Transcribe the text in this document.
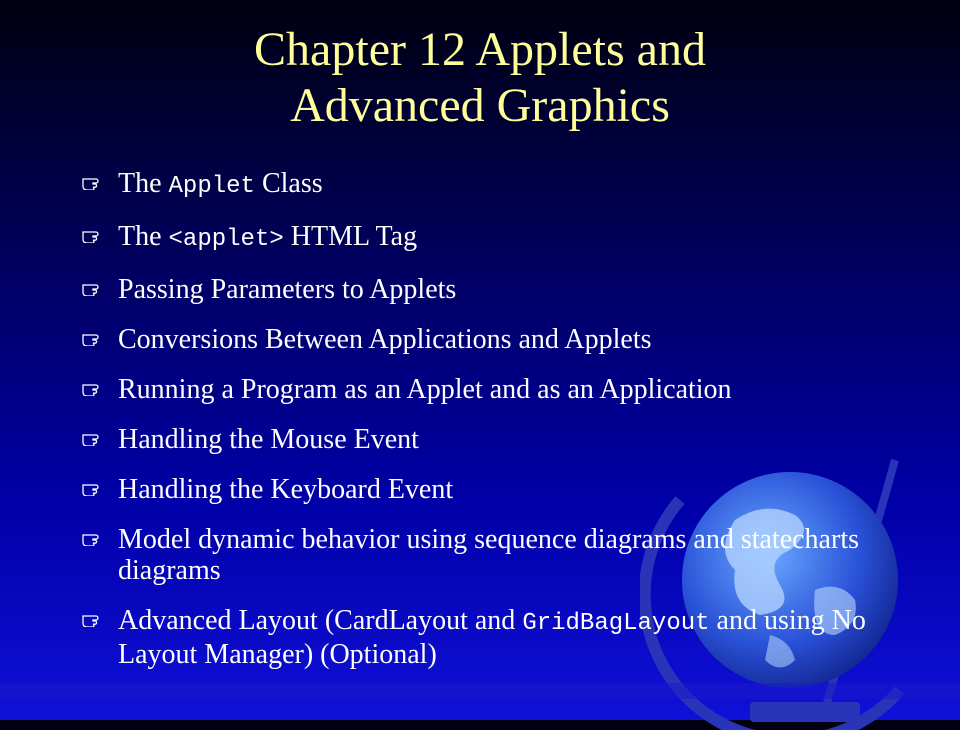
Chapter 12 Applets and
Advanced Graphics
The Applet Class
The <applet> HTML Tag
Passing Parameters to Applets
Conversions Between Applications and Applets
Running a Program as an Applet and as an Application
Handling the Mouse Event
Handling the Keyboard Event
Model dynamic behavior using sequence diagrams and statecharts diagrams
Advanced Layout (CardLayout and GridBagLayout and using No Layout Manager) (Optional)
